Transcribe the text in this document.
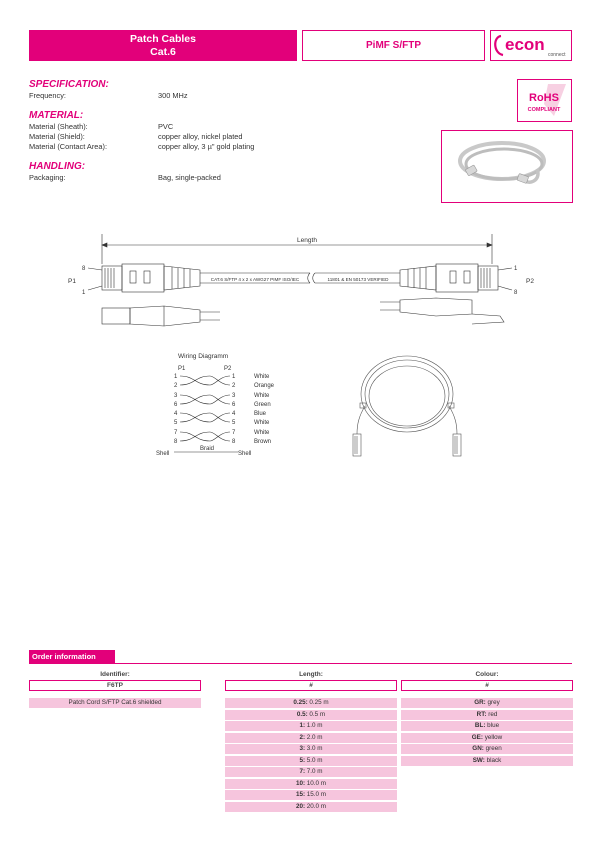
Patch Cables
Cat.6
PiMF S/FTP	econ
connect
SPECIFICATION:
Frequency:	300 MHz
MATERIAL:
Material (Sheath):	PVC
Material (Shield):	copper alloy, nickel plated
Material (Contact Area):	copper alloy, 3 µ" gold plating
HANDLING:
Packaging:	Bag, single-packed
RoHS
COMPLIANT
Length
CAT.6 S/FTP 4 x 2 x AWG27 PIMF ISO/IEC	11801 & EN 50173 VERIFIED
P1	P2
8
1
1
8
Wiring Diagramm
P1	P2
1
2
3
6
4
5
7
8
1
2
3
6
4
5
7
8
White
Orange
White
Green
Blue
White
White
Brown
Braid
Shell	Shell
Order information
Identifier:
F6TP
Patch Cord S/FTP Cat.6 shielded
Length:
#
0.25: 0.25 m
0.5: 0.5 m
1: 1.0 m
2: 2.0 m
3: 3.0 m
5: 5.0 m
7: 7.0 m
10: 10.0 m
15: 15.0 m
20: 20.0 m
Colour:
#
GR: grey
RT: red
BL: blue
GE: yellow
GN: green
SW: black
